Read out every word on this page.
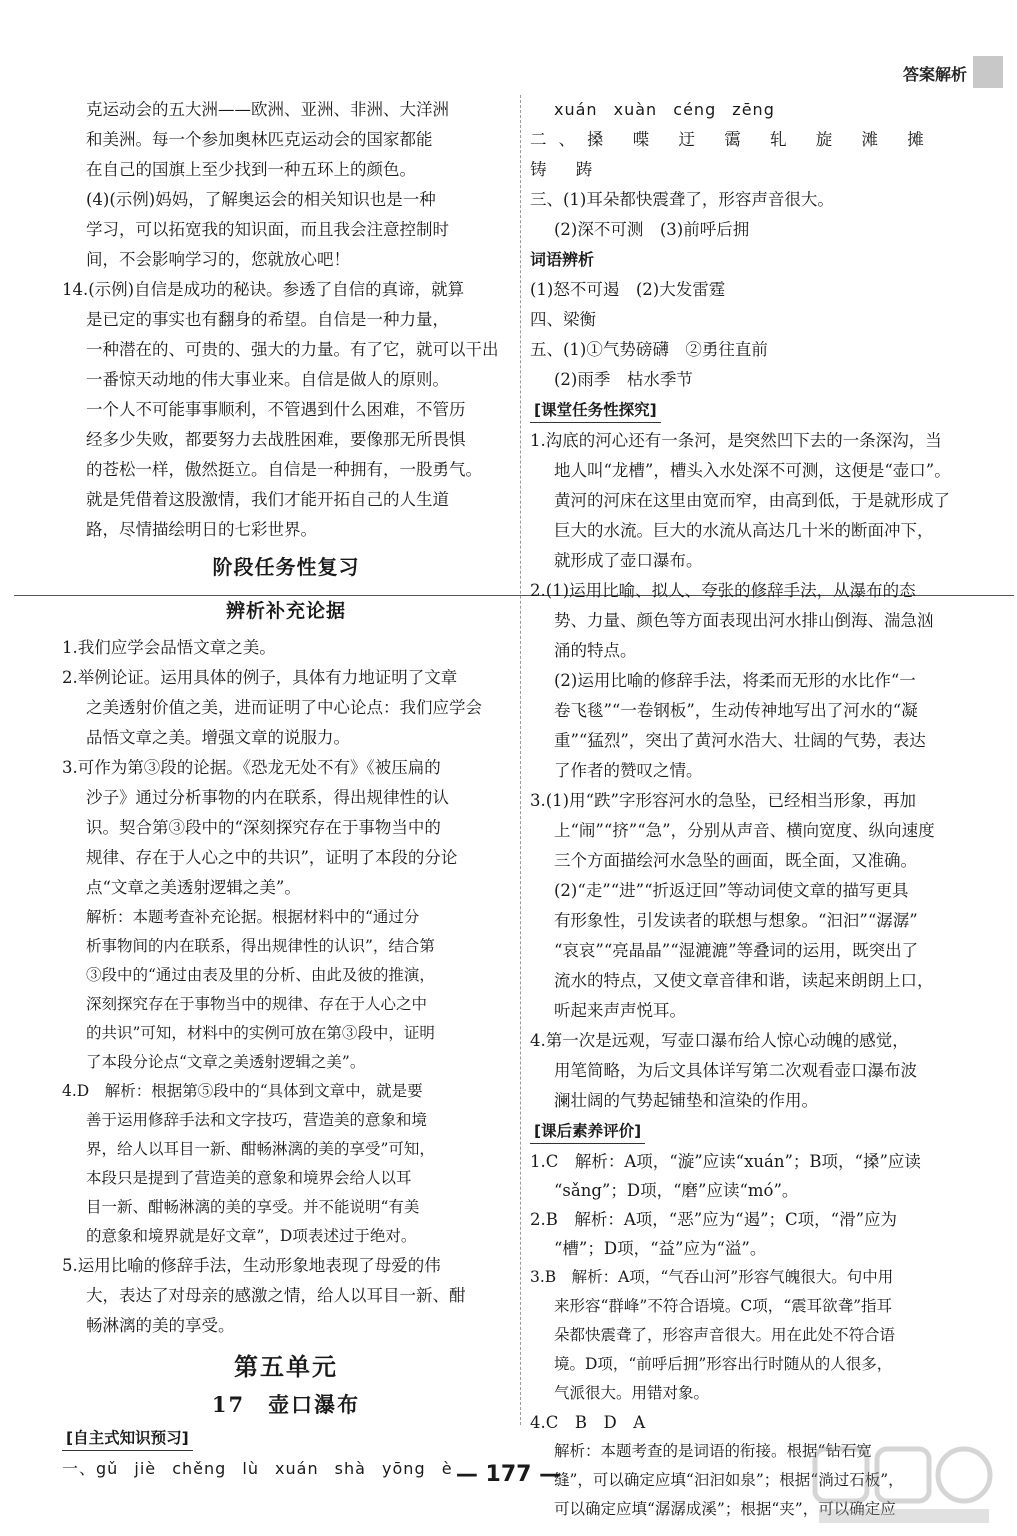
答案解析

克运动会的五大洲——欧洲、亚洲、非洲、大洋洲

和美洲。每一个参加奥林匹克运动会的国家都能

在自己的国旗上至少找到一种五环上的颜色。

(4)(示例)妈妈，了解奥运会的相关知识也是一种

学习，可以拓宽我的知识面，而且我会注意控制时

间，不会影响学习的，您就放心吧！

14.(示例)自信是成功的秘诀。参透了自信的真谛，就算

是已定的事实也有翻身的希望。自信是一种力量，

一种潜在的、可贵的、强大的力量。有了它，就可以干出

一番惊天动地的伟大事业来。自信是做人的原则。

一个人不可能事事顺利，不管遇到什么困难，不管历

经多少失败，都要努力去战胜困难，要像那无所畏惧

的苍松一样，傲然挺立。自信是一种拥有，一股勇气。

就是凭借着这股激情，我们才能开拓自己的人生道

路，尽情描绘明日的七彩世界。

阶段任务性复习
辨析补充论据

1.我们应学会品悟文章之美。

2.举例论证。运用具体的例子，具体有力地证明了文章

之美透射价值之美，进而证明了中心论点：我们应学会

品悟文章之美。增强文章的说服力。

3.可作为第③段的论据。《恐龙无处不有》《被压扁的

沙子》通过分析事物的内在联系，得出规律性的认

识。契合第③段中的“深刻探究存在于事物当中的

规律、存在于人心之中的共识”，证明了本段的分论

点“文章之美透射逻辑之美”。

解析：本题考查补充论据。根据材料中的“通过分

析事物间的内在联系，得出规律性的认识”，结合第

③段中的“通过由表及里的分析、由此及彼的推演，

深刻探究存在于事物当中的规律、存在于人心之中

的共识”可知，材料中的实例可放在第③段中，证明

了本段分论点“文章之美透射逻辑之美”。

4.D　解析：根据第⑤段中的“具体到文章中，就是要

善于运用修辞手法和文字技巧，营造美的意象和境

界，给人以耳目一新、酣畅淋漓的美的享受”可知，

本段只是提到了营造美的意象和境界会给人以耳

目一新、酣畅淋漓的美的享受。并不能说明“有美

的意象和境界就是好文章”，D项表述过于绝对。

5.运用比喻的修辞手法，生动形象地表现了母爱的伟

大，表达了对母亲的感激之情，给人以耳目一新、酣

畅淋漓的美的享受。

第五单元
17　壶口瀑布
[ 自主式知识预习 ]

一、gǔ jiè chěng lù xuán shà yōng è

xuán xuàn céng zēng

二、搡 喋 迂 霭 轧 旋 滩 摊 铸 踌

三、(1)耳朵都快震聋了，形容声音很大。

(2)深不可测　(3)前呼后拥

词语辨析

(1)怒不可遏　(2)大发雷霆

四、梁衡

五、(1)①气势磅礴　②勇往直前

(2)雨季　枯水季节

[ 课堂任务性探究 ]

1.沟底的河心还有一条河，是突然凹下去的一条深沟，当

地人叫“龙槽”，槽头入水处深不可测，这便是“壶口”。

黄河的河床在这里由宽而窄，由高到低，于是就形成了

巨大的水流。巨大的水流从高达几十米的断面冲下，

就形成了壶口瀑布。

2.(1)运用比喻、拟人、夸张的修辞手法，从瀑布的态

势、力量、颜色等方面表现出河水排山倒海、湍急汹

涌的特点。

(2)运用比喻的修辞手法，将柔而无形的水比作“一

卷飞毯”“一卷钢板”，生动传神地写出了河水的“凝

重”“猛烈”，突出了黄河水浩大、壮阔的气势，表达

了作者的赞叹之情。

3.(1)用“跌”字形容河水的急坠，已经相当形象，再加

上“闹”“挤”“急”，分别从声音、横向宽度、纵向速度

三个方面描绘河水急坠的画面，既全面，又准确。

(2)“走”“进”“折返迂回”等动词使文章的描写更具

有形象性，引发读者的联想与想象。“汩汩”“潺潺”

“哀哀”“亮晶晶”“湿漉漉”等叠词的运用，既突出了

流水的特点，又使文章音律和谐，读起来朗朗上口，

听起来声声悦耳。

4.第一次是远观，写壶口瀑布给人惊心动魄的感觉，

用笔简略，为后文具体详写第二次观看壶口瀑布波

澜壮阔的气势起铺垫和渲染的作用。

[ 课后素养评价 ]

1.C　解析：A项，“漩”应读“xuán”；B项，“搡”应读

“sǎng”；D项，“磨”应读“mó”。

2.B　解析：A项，“恶”应为“遏”；C项，“滑”应为

“槽”；D项，“益”应为“溢”。

3.B　解析：A项，“气吞山河”形容气魄很大。句中用

来形容“群峰”不符合语境。C项，“震耳欲聋”指耳

朵都快震聋了，形容声音很大。用在此处不符合语

境。D项，“前呼后拥”形容出行时随从的人很多，

气派很大。用错对象。

4.C　B　D　A

解析：本题考查的是词语的衔接。根据“钻石宽

缝”，可以确定应填“汩汩如泉”；根据“淌过石板”，

可以确定应填“潺潺成溪”；根据“夹”，可以确定应

— 177 —
